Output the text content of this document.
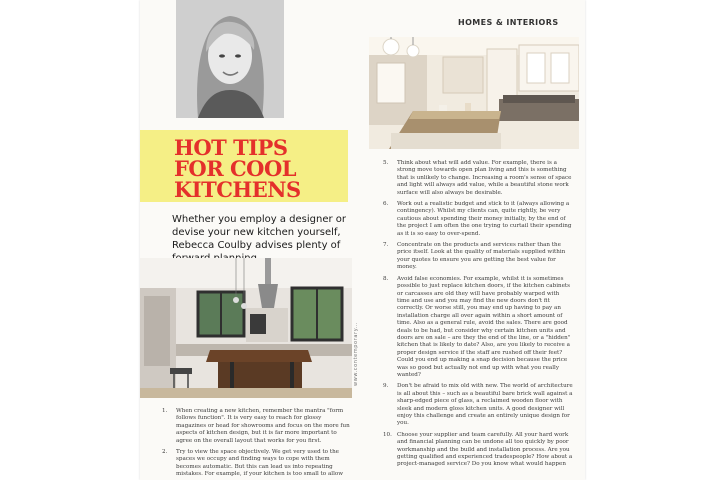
HOMES & INTERIORS
HOT TIPS
FOR COOL
KITCHENS
Whether you employ a designer or devise your new kitchen yourself, Rebecca Coulby advises plenty of
www.contemporary...
1. When creating a new kitchen, remember the mantra "form follows function". It is very easy to reach for glossy magazines or head for showrooms and focus on the more fun aspects of kitchen design, but it is far more important to agree on the overall layout that works for you first.
2. Try to view the space objectively. We get very used to the spaces we occupy and finding ways to cope with them becomes automatic. But this can lead us into repeating mistakes. For example, if your kitchen is too small to allow
5. Think about what will add value. For example, there is a strong move towards open plan living and this is something that is unlikely to change. Increasing a room's sense of space and light will always add value, while a beautiful stone work surface will also always be desirable.
6. Work out a realistic budget and stick to it (always allowing a contingency). Whilst my clients can, quite rightly, be very cautious about spending their money initially, by the end of the project I am often the one trying to curtail their spending as it is so easy to over-spend.
7. Concentrate on the products and services rather than the price itself. Look at the quality of materials supplied within your quotes to ensure you are getting the best value for money.
8. Avoid false economies. For example, whilst it is sometimes possible to just replace kitchen doors, if the kitchen cabinets or carcasses are old they will have probably warped with time and use and you may find the new doors don't fit correctly. Or worse still, you may end up having to pay an installation charge all over again within a short amount of time. Also as a general rule, avoid the sales. There are good deals to be had, but consider why certain kitchen units and doors are on sale – are they the end of the line, or a "hidden" kitchen that is likely to date? Also, are you likely to receive a proper design service if the staff are rushed off their feet? Could you end up making a snap decision because the price was so good but actually not end up with what you really wanted?
9. Don't be afraid to mix old with new. The world of architecture is all about this – such as a beautiful bare brick wall against a sharp-edged piece of glass, a reclaimed wooden floor with sleek and modern gloss kitchen units. A good designer will enjoy this challenge and create an entirely unique design for you.
10. Choose your supplier and team carefully. All your hard work and financial planning can be undone all too quickly by poor workmanship and the build and installation process. Are you getting qualified and experienced tradespeople? How about a project-managed service? Do you know what would happen
